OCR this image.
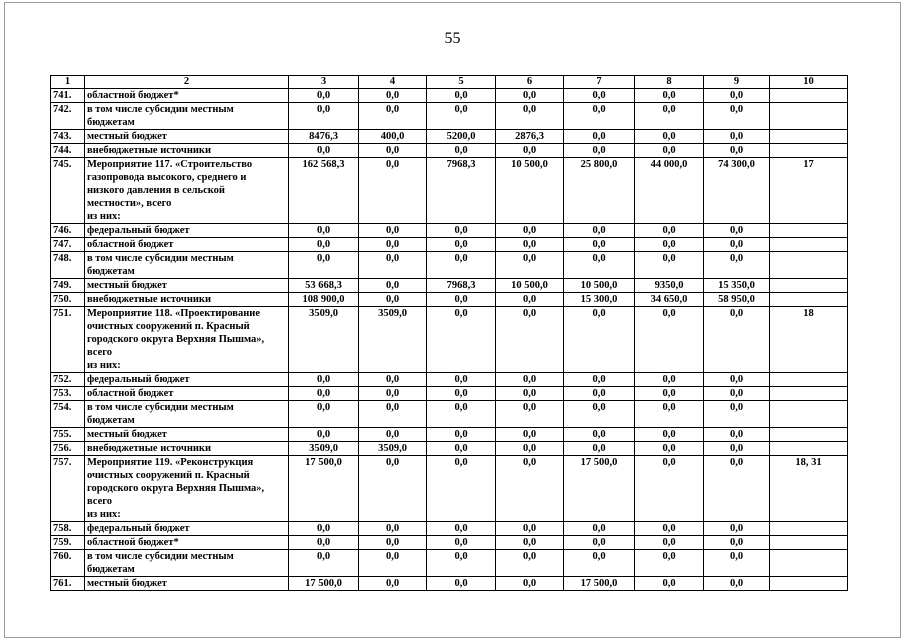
55
1	2	3	4	5	6	7	8	9	10
741.	областной бюджет*	0,0	0,0	0,0	0,0	0,0	0,0	0,0	
742.	в том числе субсидии местным
бюджетам	0,0	0,0	0,0	0,0	0,0	0,0	0,0	
743.	местный бюджет	8476,3	400,0	5200,0	2876,3	0,0	0,0	0,0	
744.	внебюджетные источники	0,0	0,0	0,0	0,0	0,0	0,0	0,0	
745.	Мероприятие 117. «Строительство
газопровода высокого, среднего и
низкого давления в сельской
местности», всего
из них:	162 568,3	0,0	7968,3	10 500,0	25 800,0	44 000,0	74 300,0	17
746.	федеральный бюджет	0,0	0,0	0,0	0,0	0,0	0,0	0,0	
747.	областной бюджет	0,0	0,0	0,0	0,0	0,0	0,0	0,0	
748.	в том числе субсидии местным
бюджетам	0,0	0,0	0,0	0,0	0,0	0,0	0,0	
749.	местный бюджет	53 668,3	0,0	7968,3	10 500,0	10 500,0	9350,0	15 350,0	
750.	внебюджетные источники	108 900,0	0,0	0,0	0,0	15 300,0	34 650,0	58 950,0	
751.	Мероприятие 118. «Проектирование
очистных сооружений п. Красный
городского округа Верхняя Пышма»,
всего
из них:	3509,0	3509,0	0,0	0,0	0,0	0,0	0,0	18
752.	федеральный бюджет	0,0	0,0	0,0	0,0	0,0	0,0	0,0	
753.	областной бюджет	0,0	0,0	0,0	0,0	0,0	0,0	0,0	
754.	в том числе субсидии местным
бюджетам	0,0	0,0	0,0	0,0	0,0	0,0	0,0	
755.	местный бюджет	0,0	0,0	0,0	0,0	0,0	0,0	0,0	
756.	внебюджетные источники	3509,0	3509,0	0,0	0,0	0,0	0,0	0,0	
757.	Мероприятие 119. «Реконструкция
очистных сооружений п. Красный
городского округа Верхняя Пышма»,
всего
из них:	17 500,0	0,0	0,0	0,0	17 500,0	0,0	0,0	18, 31
758.	федеральный бюджет	0,0	0,0	0,0	0,0	0,0	0,0	0,0	
759.	областной бюджет*	0,0	0,0	0,0	0,0	0,0	0,0	0,0	
760.	в том числе субсидии местным
бюджетам	0,0	0,0	0,0	0,0	0,0	0,0	0,0	
761.	местный бюджет	17 500,0	0,0	0,0	0,0	17 500,0	0,0	0,0	
